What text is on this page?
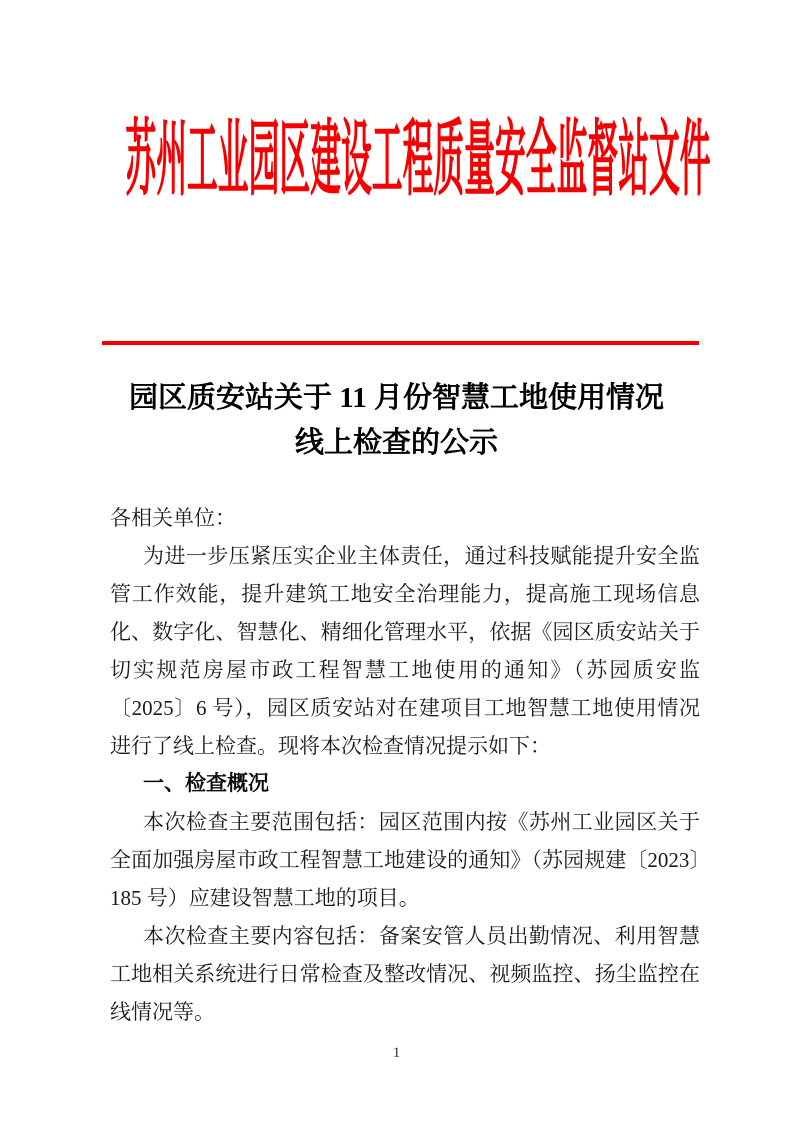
苏州工业园区建设工程质量安全监督站文件
园区质安站关于 11 月份智慧工地使用情况
线上检查的公示

各相关单位：

为进一步压紧压实企业主体责任，通过科技赋能提升安全监管工作效能，提升建筑工地安全治理能力，提高施工现场信息化、数字化、智慧化、精细化管理水平，依据《园区质安站关于切实规范房屋市政工程智慧工地使用的通知》（苏园质安监〔2025〕6 号），园区质安站对在建项目工地智慧工地使用情况进行了线上检查。现将本次检查情况提示如下：

一、检查概况

本次检查主要范围包括：园区范围内按《苏州工业园区关于全面加强房屋市政工程智慧工地建设的通知》（苏园规建〔2023〕185 号）应建设智慧工地的项目。

本次检查主要内容包括：备案安管人员出勤情况、利用智慧工地相关系统进行日常检查及整改情况、视频监控、扬尘监控在线情况等。

1
